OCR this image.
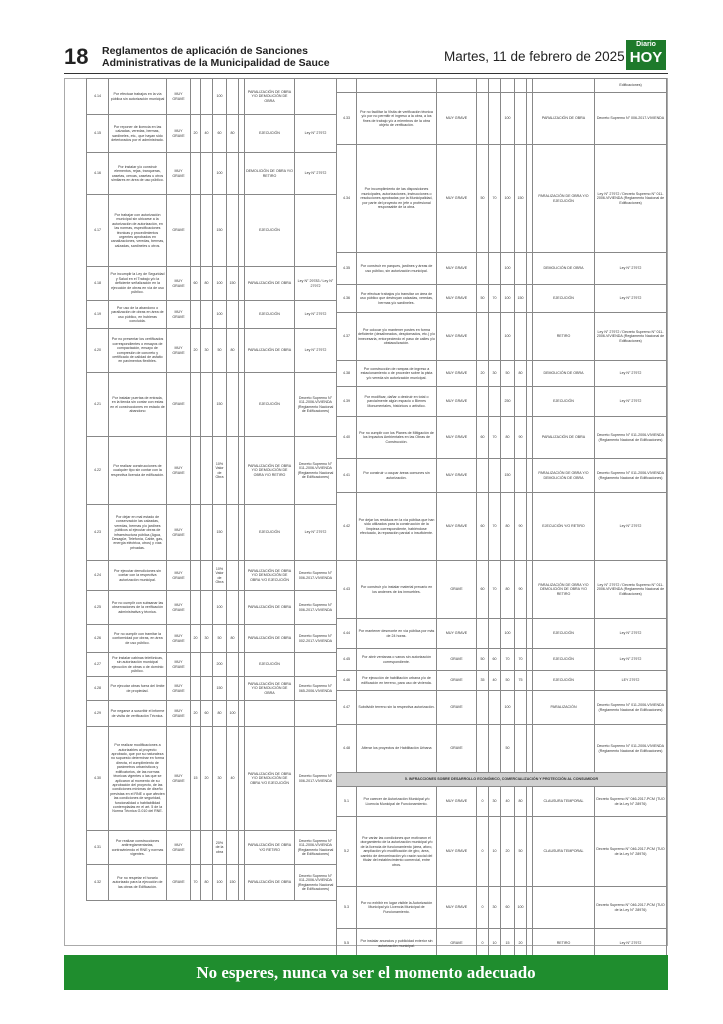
18 Reglamentos de aplicación de Sanciones
Administrativas de la Municipalidad de Sauce	Martes, 11 de febrero de 2025
Diario
HOY
4.14	Por efectuar trabajos en la vía pública sin autorización municipal	MUY GRAVE			100			PARALIZACIÓN DE OBRA Y/O DEMOLICIÓN DE OBRA	
4.15	Por reponer de licencia en las calzadas, veredas, bermas, sardineles, etc., que hayan sido deteriorados por el administrado.	MUY GRAVE	20	40	60	80		EJECUCIÓN	Ley N° 27972
4.16	Por instalar y/o construir elementos, rejas, tranqueras, casetas, cercas, casetas u otros similares en área de uso público.	MUY GRAVE			100			DEMOLICIÓN DE OBRA Y/O RETIRO	Ley N° 27972
4.17	Por trabajar con autorización municipal sin ubicarse a la autorización de autorización, en las normas, especificaciones técnicas y procedimientos urgentes aprobados en canalizaciones, veredas, bermas, calzadas, sardineles u otros.	GRAVE			150			EJECUCIÓN	
4.18	Por incumplir la Ley de Seguridad y Salud en el Trabajo y/o la deficiente señalización en la ejecución de obras en vía de uso público.	MUY GRAVE	60	80	100	150		PARALIZACIÓN DE OBRA	Ley N° 29783 / Ley N° 27972
4.19	Por uso de la abandono o paralización de obras en área de uso público, en hubieras concluida.	MUY GRAVE			100			EJECUCIÓN	Ley N° 27972
4.20	Por no presentar los certificados correspondientes o ensayos de compactación, ensayo de compresión de concreto y certificado de calidad de asfalto en pavimentos flexibles.	MUY GRAVE	20	30	50	80		PARALIZACIÓN DE OBRA	Ley N° 27972
4.21	Por instalar puertas de entrada, en la tienda sin contar con estas en el construcciones en estado de abandono	GRAVE			150			EJECUCIÓN	Decreto Supremo N° 011-2006-VIVIENDA (Reglamento Nacional de Edificaciones)
4.22	Por realizar construcciones de cualquier tipo sin contar con la respectiva licencia de edificación.	MUY GRAVE			10% Valor de Obra			PARALIZACIÓN DE OBRA Y/O DEMOLICIÓN DE OBRA Y/O RETIRO	Decreto Supremo N° 011-2006-VIVIENDA (Reglamento Nacional de Edificaciones)
4.23	Por dejar en mal estado de conservación las calzadas, veredas, bermas y/o jardines públicos al ejecutar obras de infraestructura pública (Agua, Desagüe, Telefonía, Cable, gas, energía eléctrica, otros) y vías privadas.	MUY GRAVE			150			EJECUCIÓN	Ley N° 27972
4.24	Por ejecutar demoliciones sin contar con la respectiva autorización municipal.	MUY GRAVE			10% Valor de Obra			PARALIZACIÓN DE OBRA Y/O DEMOLICIÓN DE OBRA Y/O EJECUCIÓN	Decreto Supremo N° 006-2017-VIVIENDA
4.25	Por no cumplir con subsanar las observaciones de la verificación administrativa y técnica.	MUY GRAVE			100			PARALIZACIÓN DE OBRA	Decreto Supremo N° 006-2017-VIVIENDA
4.26	Por no cumplir con tramitar la conformidad por obras, en área de uso público.	MUY GRAVE	20	30	50	80		PARALIZACIÓN DE OBRA	Decreto Supremo N° 002-2017-VIVIENDA
4.27	Por instalar cabinas telefónicas, sin autorización municipal ejecución de obras o de dominio público.	MUY GRAVE			200			EJECUCIÓN	
4.28	Por ejecutar obras fuera del límite de propiedad.	MUY GRAVE			150			PARALIZACIÓN DE OBRA Y/O DEMOLICIÓN DE OBRA	Decreto Supremo N° 065-2006-VIVIENDA
4.29	Por negarse a suscribir el informe de visita de verificación Técnica.	MUY GRAVE	20	60	80	100			
4.30	Por realizar modificaciones a autorizables al proyecto aprobado, que por su naturaleza no supuesto determinar en forma directa, el cumplimiento de parámetros urbanísticos y edificatorios, de las normas técnicas vigentes o las que se aplicaron al momento de su aprobación del proyecto, de las condiciones mínimas de diseño previstas en el RNE o que afecten las condiciones de seguridad, funcionalidad o habitabilidad contempladas en el art. 5 de la Norma Técnica G.010 del RNE.	MUY GRAVE	15	20	30	40		PARALIZACIÓN DE OBRA Y/O DEMOLICIÓN DE OBRA Y/O EJECUCIÓN	Decreto Supremo N° 006-2017-VIVIENDA
4.31	Por realizar construcciones antirreglamentarias, contraviniendo el RNE y normas vigentes.	MUY GRAVE			20% de la obra			PARALIZACIÓN DE OBRA Y/O RETIRO	Decreto Supremo N° 011-2006-VIVIENDA (Reglamento Nacional de Edificaciones)
4.32	Por no respetar el horario autorizado para la ejecución de las obras de Edificación.	GRAVE	70	80	100	150		PARALIZACIÓN DE OBRA	Decreto Supremo N° 011-2006-VIVIENDA (Reglamento Nacional de Edificaciones)
									Edificaciones)
4.33	Por no facilitar la Visita de verificación técnica y/o por no permitir el ingreso a la obra, a los fines de trabajo y/o a miembros de la obra objeto de verificación.	MUY GRAVE			100			PARALIZACIÓN DE OBRA	Decreto Supremo N° 006-2017-VIVIENDA
4.34	Por incumplimiento de las disposiciones municipales, autorizaciones, instrucciones o resoluciones aprobadas por la Municipalidad, por parte del proyecto en jefe o profesional responsable de la obra.	MUY GRAVE	50	70	100	150		PARALIZACIÓN DE OBRA Y/O EJECUCIÓN	Ley N° 27972 / Decreto Supremo N° 011-2006-VIVIENDA (Reglamento Nacional de Edificaciones)
4.35	Por construir en parques, jardines y áreas de uso público, sin autorización municipal.	MUY GRAVE			100			DEMOLICIÓN DE OBRA	Ley N° 27972
4.36	Por efectuar trabajos y/o transitar un área de uso público que destruyan calzadas, veredas, bermas y/o sardineles.	MUY GRAVE	50	70	100	150		EJECUCIÓN	Ley N° 27972
4.37	Por colocar y/o mantener postes en forma deficiente (desalineados, desplomados, etc.) y/o innecesaria, entorpeciendo el paso de calles y/o obstaculización.	MUY GRAVE			100			RETIRO	Ley N° 27972 / Decreto Supremo N° 011-2006-VIVIENDA (Reglamento Nacional de Edificaciones)
4.38	Por construcción de rampas de ingreso a estacionamiento o de proceder sobre la pista y/o vereda sin autorización municipal.	MUY GRAVE	20	30	50	80		DEMOLICIÓN DE OBRA	Ley N° 27972
4.39	Por modificar, dañar o destruir en total o parcialmente algún espacio o Bienes Monumentales, históricos o artístico.	MUY GRAVE			250			EJECUCIÓN	Ley N° 27972
4.40	Por no cumplir con los Planes de Mitigación de los Impactos Ambientales en las Obras de Construcción.	MUY GRAVE	60	70	80	90		PARALIZACIÓN DE OBRA	Decreto Supremo N° 011-2006-VIVIENDA (Reglamento Nacional de Edificaciones)
4.41	Por construir u ocupar áreas comunes sin autorización.	MUY GRAVE			150			PARALIZACIÓN DE OBRA Y/O DEMOLICIÓN DE OBRA	Decreto Supremo N° 011-2006-VIVIENDA (Reglamento Nacional de Edificaciones)
4.42	Por dejar los residuos en la vía pública que han sido utilizados para la construcción de la limpieza correspondiente, habiéndose efectuado, la reparación parcial o insuficiente.	MUY GRAVE	60	70	80	90		EJECUCIÓN Y/O RETIRO	Ley N° 27972
4.43	Por construir y/o instalar material precario en los andenes de los inmuebles.	GRAVE	60	70	80	90		PARALIZACIÓN DE OBRA Y/O DEMOLICIÓN DE OBRA Y/O RETIRO	Ley N° 27972 / Decreto Supremo N° 011-2006-VIVIENDA (Reglamento Nacional de Edificaciones)
4.44	Por mantener desmonte en vía pública por más de 24 horas.	MUY GRAVE			100			EJECUCIÓN	Ley N° 27972
4.45	Por abrir ventanas o vanos sin autorización correspondiente.	GRAVE	50	60	70	70		EJECUCIÓN	Ley N° 27972
4.46	Por ejecución de habilitación urbana y/o de edificación en terreno, para uso de vivienda.	GRAVE	35	40	50	75		EJECUCIÓN	LEY 27972
4.47	Subdividir terreno sin la respectiva autorización.	GRAVE			100			PARALIZACIÓN	Decreto Supremo N° 011-2006-VIVIENDA (Reglamento Nacional de Edificaciones)
4.48	Alterar los proyectos de Habilitación Urbana	GRAVE			50				Decreto Supremo N° 011-2006-VIVIENDA (Reglamento Nacional de Edificaciones)
5. INFRACCIONES SOBRE DESARROLLO ECONÓMICO, COMERCIALIZACIÓN Y PROTECCIÓN AL CONSUMIDOR									
5.1	Por carecer de Autorización Municipal y/o Licencia Municipal de Funcionamiento.	MUY GRAVE	0	30	40	80		CLAUSURA TEMPORAL	Decreto Supremo N° 046-2017-PCM (TUO de la Ley N° 28976)
5.2	Por variar las condiciones que motivaron el otorgamiento de la autorización municipal y/o de la licencia de funcionamiento (área, aforo, ampliación y/o modificación de giro, área, cambio de denominación y/o razón social del titular del establecimiento comercial, entre otros.	MUY GRAVE	0	10	20	50		CLAUSURA TEMPORAL	Decreto Supremo N° 046-2017-PCM (TUO de la Ley N° 28976)
5.3	Por no exhibir en lugar visible la Autorización Municipal y/o Licencia Municipal de Funcionamiento.	MUY GRAVE	0	30	60	100			Decreto Supremo N° 046-2017-PCM (TUO de la Ley N° 28976)
5.5	Por instalar anuncios y publicidad exterior sin autorización municipal.	GRAVE	0	10	15	20		RETIRO	Ley N° 27972
No esperes, nunca va ser el momento adecuado
